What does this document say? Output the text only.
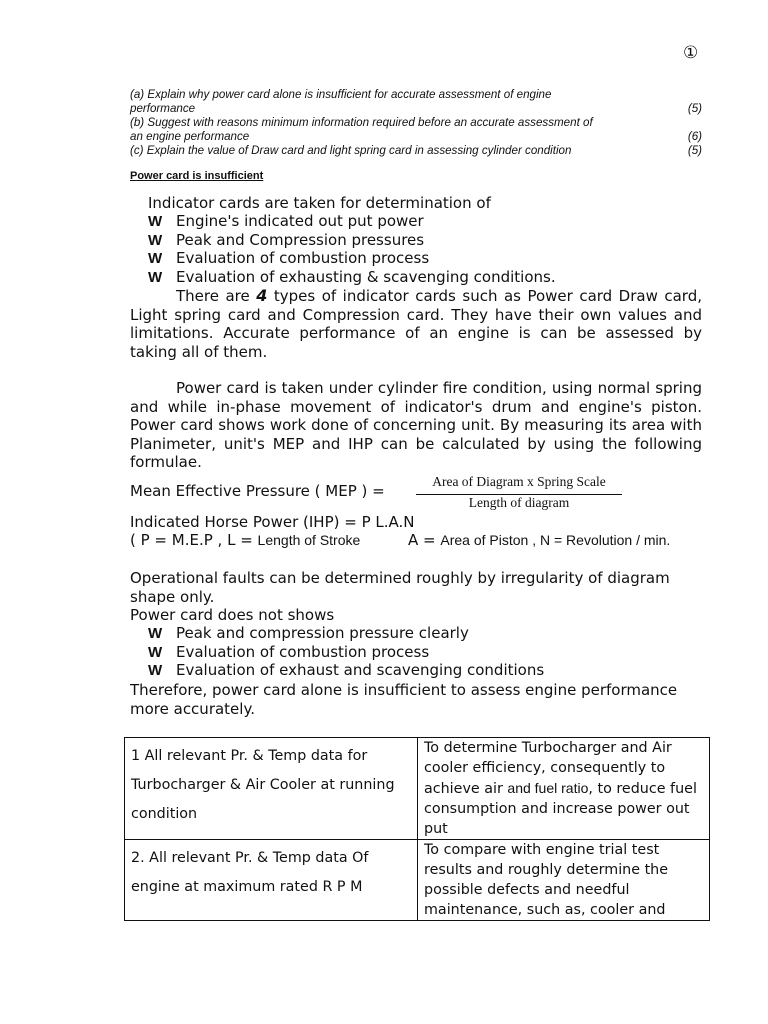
①
(a) Explain why power card alone is insufficient for accurate assessment of engine
performance	(5)
(b) Suggest with reasons minimum information required before an accurate assessment of
an engine performance	(6)
(c) Explain the value of Draw card and light spring card in assessing cylinder condition	(5)
Power card is insufficient
Indicator cards are taken for determination of
W Engine's indicated out put power
W Peak and Compression pressures
W Evaluation of combustion process
W Evaluation of exhausting & scavenging conditions.
There are 4 types of indicator cards such as Power card Draw card, Light spring card and Compression card. They have their own values and limitations. Accurate performance of an engine is can be assessed by taking all of them.
Power card is taken under cylinder fire condition, using normal spring and while in-phase movement of indicator's drum and engine's piston. Power card shows work done of concerning unit. By measuring its area with Planimeter, unit's MEP and IHP can be calculated by using the following formulae.
Mean Effective Pressure ( MEP ) =
Area of Diagram x Spring Scale
Length of diagram
Indicated Horse Power (IHP) = P L.A.N
( P = M.E.P , L = Length of Stroke	A = Area of Piston , N = Revolution / min.
Operational faults can be determined roughly by irregularity of diagram shape only.
Power card does not shows
W Peak and compression pressure clearly
W Evaluation of combustion process
W Evaluation of exhaust and scavenging conditions
Therefore, power card alone is insufficient to assess engine performance more accurately.
1 All relevant Pr. & Temp data for Turbocharger & Air Cooler at running condition	To determine Turbocharger and Air cooler efficiency, consequently to achieve air and fuel ratio, to reduce fuel consumption and increase power out put
2. All relevant Pr. & Temp data Of engine at maximum rated R P M	To compare with engine trial test results and roughly determine the possible defects and needful maintenance, such as, cooler and
